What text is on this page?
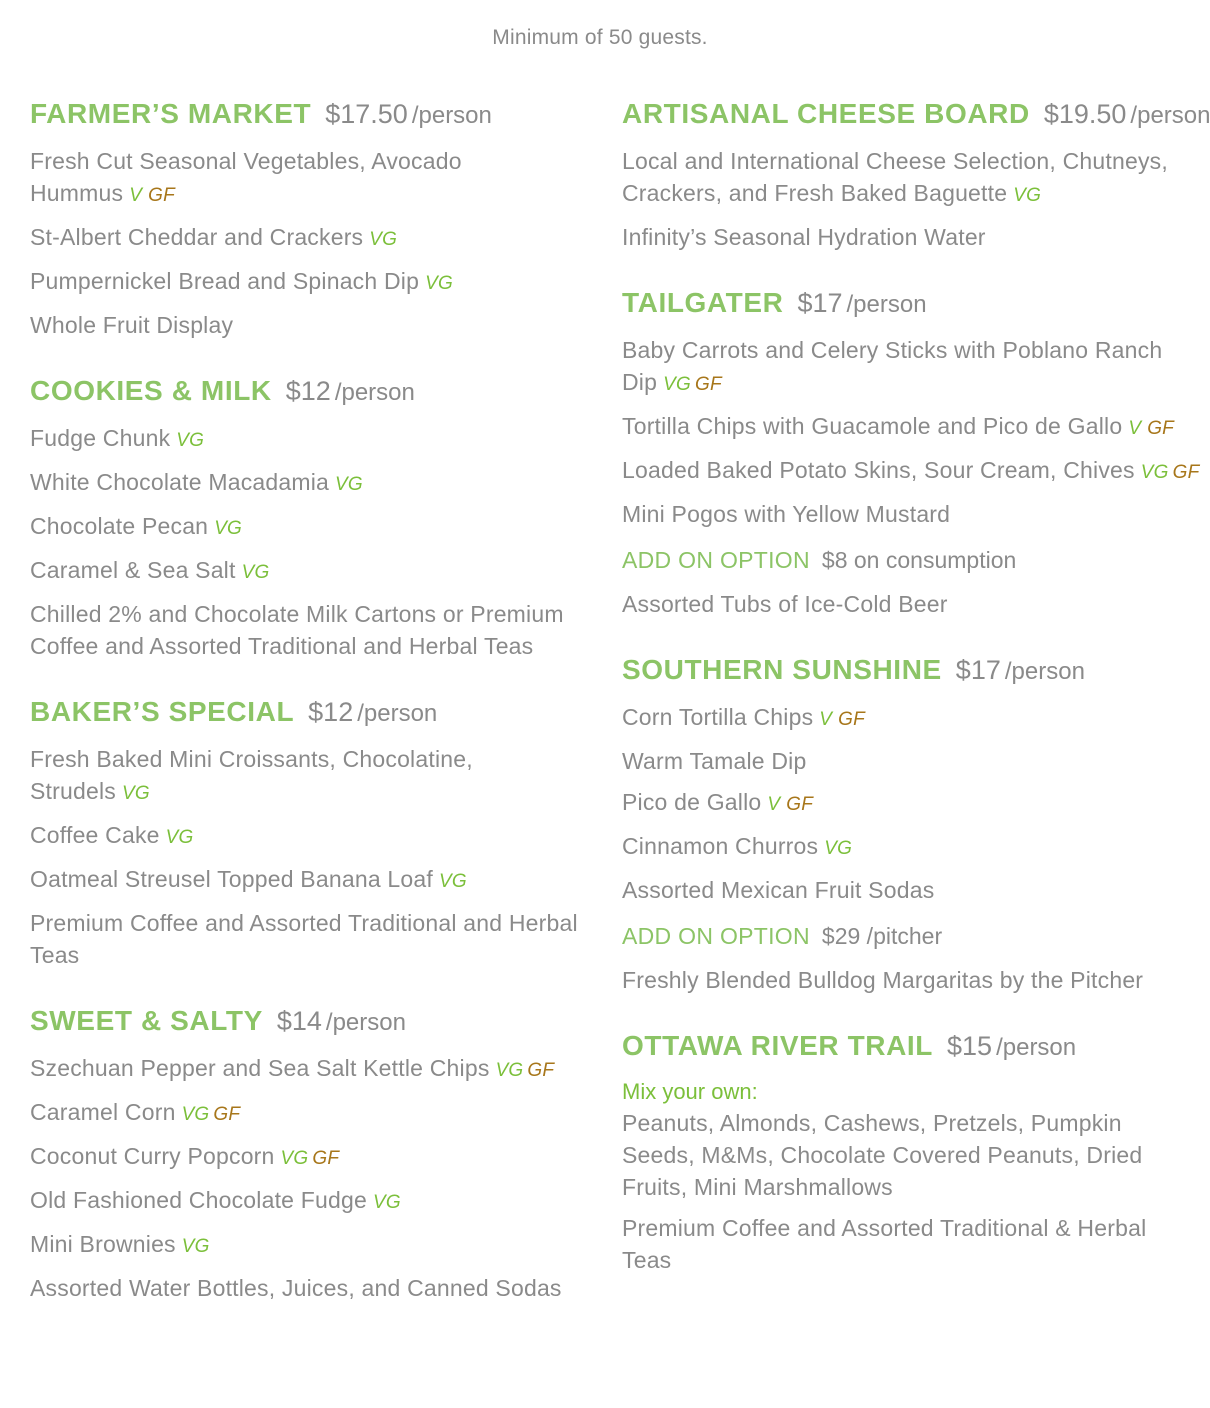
Minimum of 50 guests.
FARMER’S MARKET $17.50 /person
Fresh Cut Seasonal Vegetables, Avocado Hummus V GF
St-Albert Cheddar and Crackers VG
Pumpernickel Bread and Spinach Dip VG
Whole Fruit Display
COOKIES & MILK $12 /person
Fudge Chunk VG
White Chocolate Macadamia VG
Chocolate Pecan VG
Caramel & Sea Salt VG
Chilled 2% and Chocolate Milk Cartons or Premium Coffee and Assorted Traditional and Herbal Teas
BAKER’S SPECIAL $12 /person
Fresh Baked Mini Croissants, Chocolatine, Strudels VG
Coffee Cake VG
Oatmeal Streusel Topped Banana Loaf VG
Premium Coffee and Assorted Traditional and Herbal Teas
SWEET & SALTY $14 /person
Szechuan Pepper and Sea Salt Kettle Chips VG GF
Caramel Corn VG GF
Coconut Curry Popcorn VG GF
Old Fashioned Chocolate Fudge VG
Mini Brownies VG
Assorted Water Bottles, Juices, and Canned Sodas
ARTISANAL CHEESE BOARD $19.50 /person
Local and International Cheese Selection, Chutneys, Crackers, and Fresh Baked Baguette VG
Infinity’s Seasonal Hydration Water
TAILGATER $17 /person
Baby Carrots and Celery Sticks with Poblano Ranch Dip VG GF
Tortilla Chips with Guacamole and Pico de Gallo V GF
Loaded Baked Potato Skins, Sour Cream, Chives VG GF
Mini Pogos with Yellow Mustard
ADD ON OPTION $8 on consumption
Assorted Tubs of Ice-Cold Beer
SOUTHERN SUNSHINE $17 /person
Corn Tortilla Chips V GF
Warm Tamale Dip
Pico de Gallo V GF
Cinnamon Churros VG
Assorted Mexican Fruit Sodas
ADD ON OPTION $29 /pitcher
Freshly Blended Bulldog Margaritas by the Pitcher
OTTAWA RIVER TRAIL $15 /person
Mix your own:
Peanuts, Almonds, Cashews, Pretzels, Pumpkin Seeds, M&Ms, Chocolate Covered Peanuts, Dried Fruits, Mini Marshmallows
Premium Coffee and Assorted Traditional & Herbal Teas
